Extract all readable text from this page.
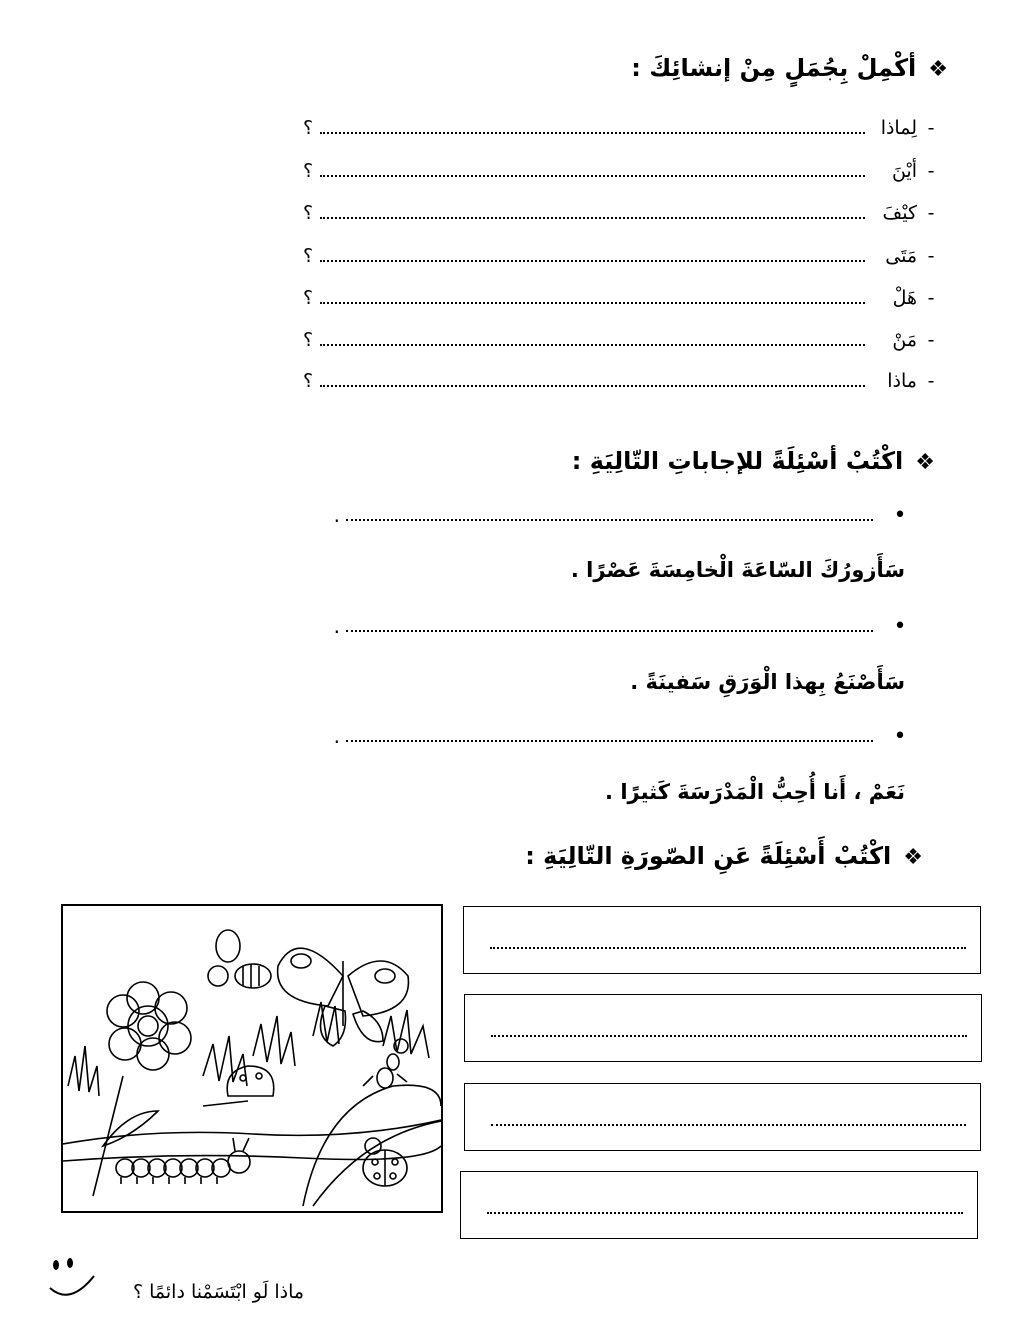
❖أكْمِلْ بِجُمَلٍ مِنْ إنشائِكَ :
-
لِماذا
؟
-
أيْنَ
؟
-
كيْفَ
؟
-
مَتَى
؟
-
هَلْ
؟
-
مَنْ
؟
-
ماذا
؟
❖اكْتُبْ أسْئِلَةً للإجاباتِ التّالِيَةِ :
•
.
سَأَزورُكَ السّاعَةَ الْخامِسَةَ عَصْرًا .
•
.
سَأَصْنَعُ بِهذا الْوَرَقِ سَفينَةً .
•
.
نَعَمْ ، أَنا أُحِبُّ الْمَدْرَسَةَ كَثيرًا .
❖اكْتُبْ أَسْئِلَةً عَنِ الصّورَةِ التّالِيَةِ :
ماذا لَو ابْتَسَمْنا دائمًا ؟
